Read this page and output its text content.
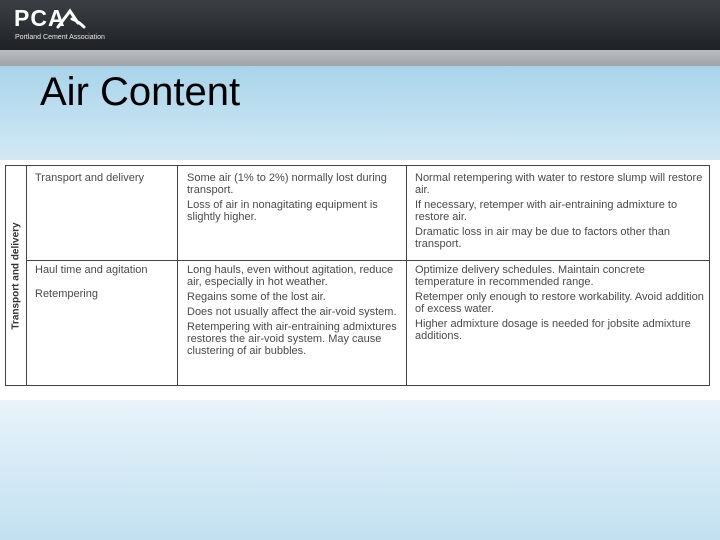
PCA
Portland Cement Association
Air Content
Transport and delivery

Transport and delivery	Some air (1% to 2%) normally lost during transport.

Loss of air in nonagitating equipment is slightly higher.

Normal retempering with water to restore slump will restore air.

If necessary, retemper with air-entraining admixture to restore air.

Dramatic loss in air may be due to factors other than transport.

Haul time and agitation

Retempering

Long hauls, even without agitation, reduce air, especially in hot weather.

Regains some of the lost air.

Does not usually affect the air-void system.

Retempering with air-entraining admixtures restores the air-void system. May cause clustering of air bubbles.

Optimize delivery schedules. Maintain concrete temperature in recommended range.

Retemper only enough to restore workability. Avoid addition of excess water.

Higher admixture dosage is needed for jobsite admixture additions.
